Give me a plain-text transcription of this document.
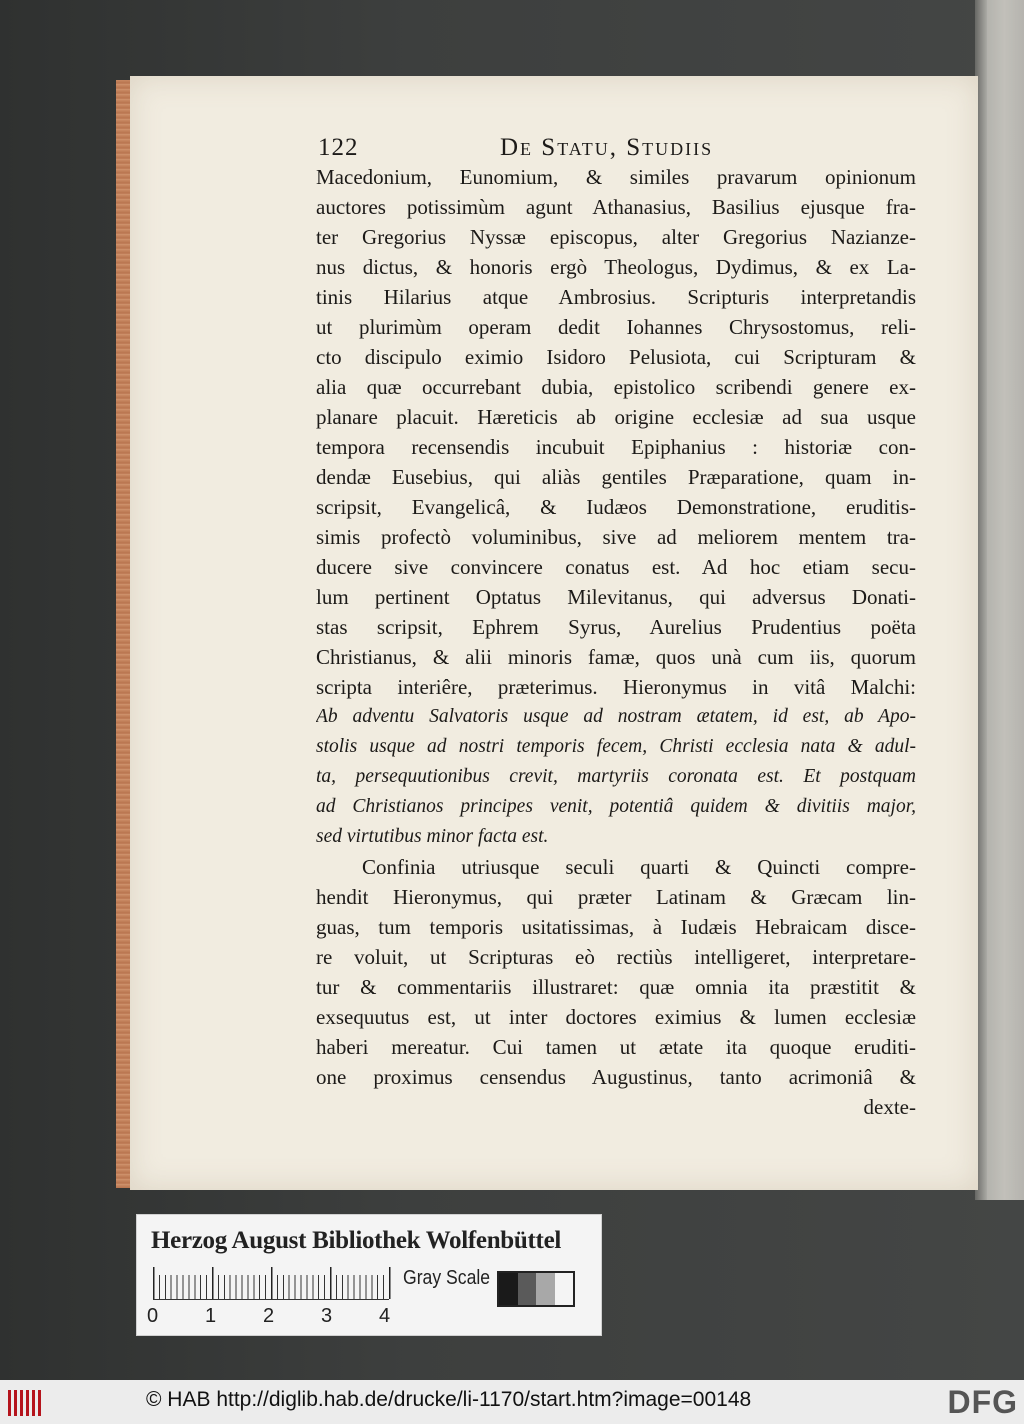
122	De Statu, Studiis
Macedonium, Eunomium, & similes pravarum opinionum
auctores potissimùm agunt Athanasius, Basilius ejusque fra-
ter Gregorius Nyssæ episcopus, alter Gregorius Nazianze-
nus dictus, & honoris ergò Theologus, Dydimus, & ex La-
tinis Hilarius atque Ambrosius. Scripturis interpretandis
ut plurimùm operam dedit Iohannes Chrysostomus, reli-
cto discipulo eximio Isidoro Pelusiota, cui Scripturam &
alia quæ occurrebant dubia, epistolico scribendi genere ex-
planare placuit. Hæreticis ab origine ecclesiæ ad sua usque
tempora recensendis incubuit Epiphanius : historiæ con-
dendæ Eusebius, qui aliàs gentiles Præparatione, quam in-
scripsit, Evangelicâ, & Iudæos Demonstratione, eruditis-
simis profectò voluminibus, sive ad meliorem mentem tra-
ducere sive convincere conatus est. Ad hoc etiam secu-
lum pertinent Optatus Milevitanus, qui adversus Donati-
stas scripsit, Ephrem Syrus, Aurelius Prudentius poëta
Christianus, & alii minoris famæ, quos unà cum iis, quorum
scripta interiêre, præterimus. Hieronymus in vitâ Malchi:
Ab adventu Salvatoris usque ad nostram ætatem, id est, ab Apo-
stolis usque ad nostri temporis fecem, Christi ecclesia nata & adul-
ta, persequutionibus crevit, martyriis coronata est. Et postquam
ad Christianos principes venit, potentiâ quidem & divitiis major,
sed virtutibus minor facta est.
Confinia utriusque seculi quarti & Quincti compre-
hendit Hieronymus, qui præter Latinam & Græcam lin-
guas, tum temporis usitatissimas, à Iudæis Hebraicam disce-
re voluit, ut Scripturas eò rectiùs intelligeret, interpretare-
tur & commentariis illustraret: quæ omnia ita præstitit &
exsequutus est, ut inter doctores eximius & lumen ecclesiæ
haberi mereatur. Cui tamen ut ætate ita quoque eruditi-
one proximus censendus Augustinus, tanto acrimoniâ &
dexte-
Herzog August Bibliothek Wolfenbüttel
0 1 2 3 4
Gray Scale
© HAB http://diglib.hab.de/drucke/li-1170/start.htm?image=00148	DFG
